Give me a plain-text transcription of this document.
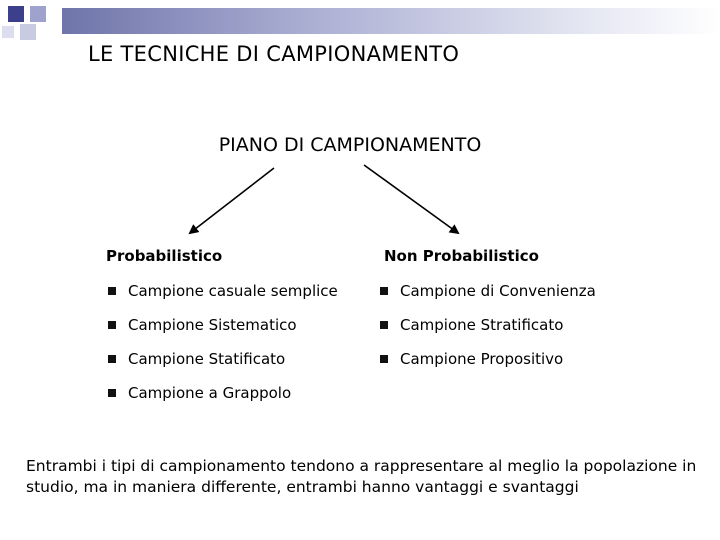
LE TECNICHE DI CAMPIONAMENTO
PIANO DI CAMPIONAMENTO
Probabilistico	Non Probabilistico
Campione casuale semplice
Campione Sistematico
Campione Statificato
Campione a Grappolo
Campione di Convenienza
Campione Stratificato
Campione Propositivo
Entrambi i tipi di campionamento tendono a rappresentare al meglio la popolazione in studio, ma in maniera differente, entrambi hanno vantaggi e svantaggi
